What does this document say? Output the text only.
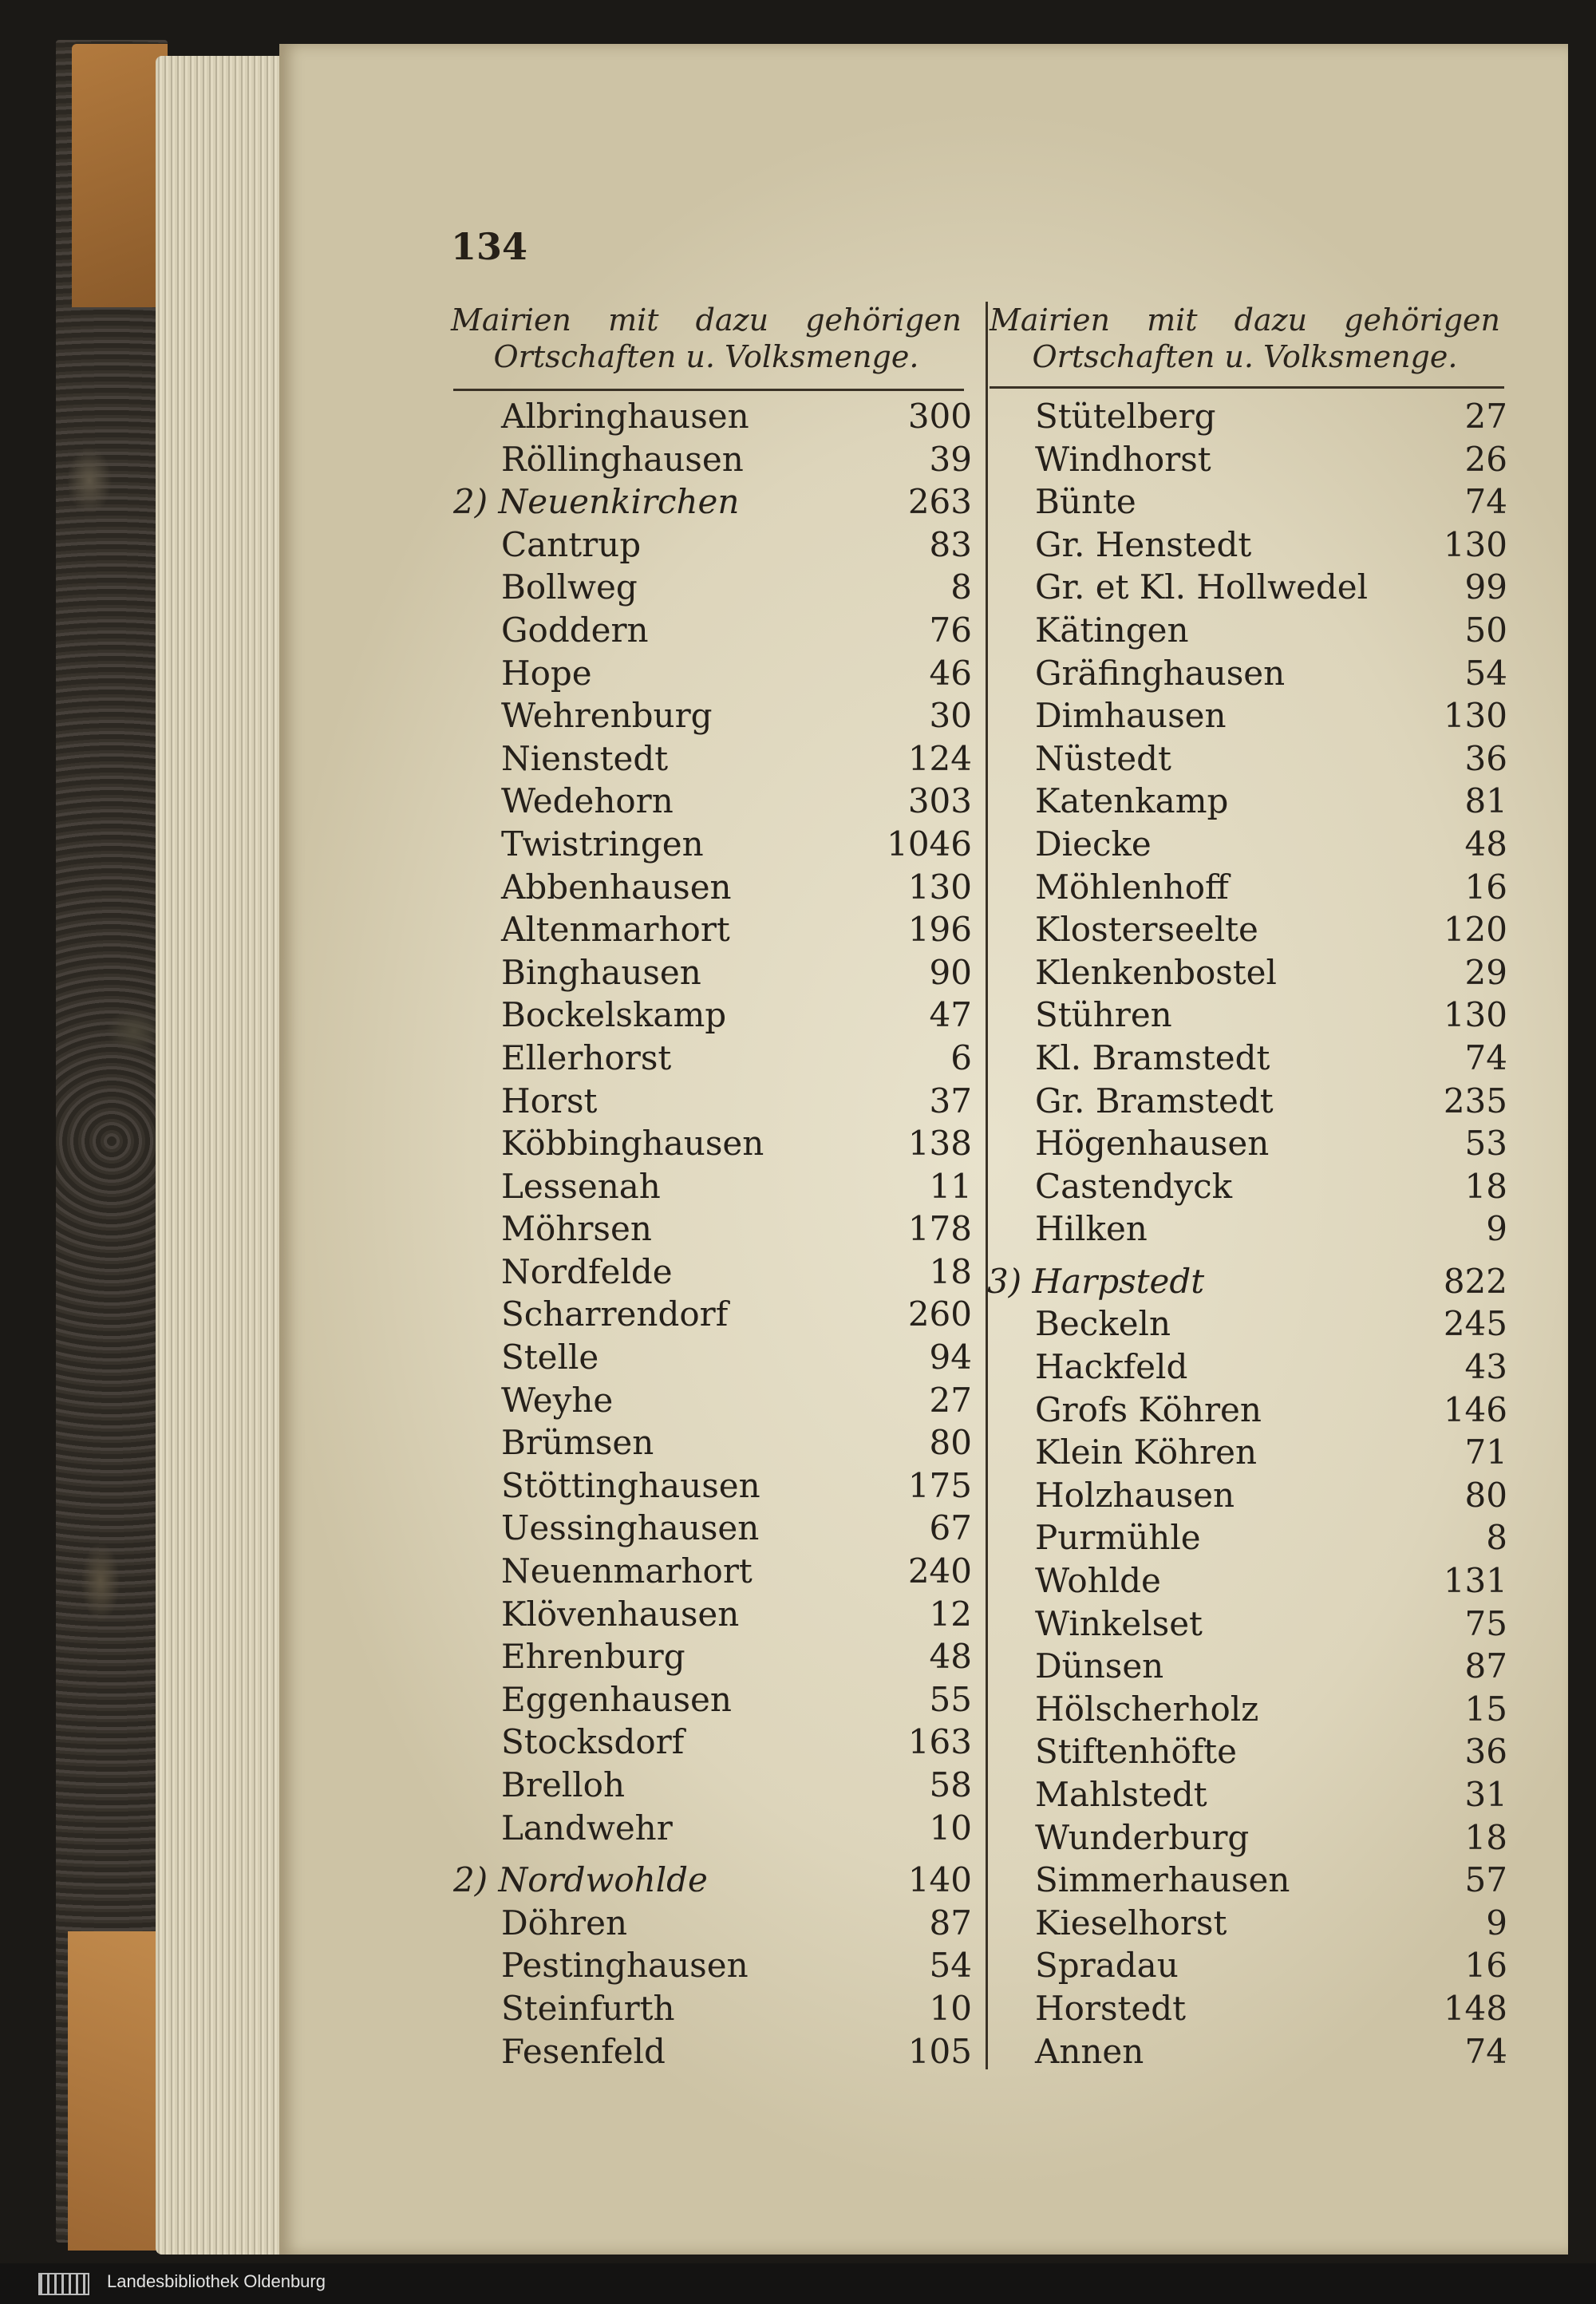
134
Mairien mit dazu gehörigen
Ortschaften u. Volksmenge.
Mairien mit dazu gehörigen
Ortschaften u. Volksmenge.
Albringhausen	300
Röllinghausen	39
2) Neuenkirchen	263
Cantrup	83
Bollweg	8
Goddern	76
Hope	46
Wehrenburg	30
Nienstedt	124
Wedehorn	303
Twistringen	1046
Abbenhausen	130
Altenmarhort	196
Binghausen	90
Bockelskamp	47
Ellerhorst	6
Horst	37
Köbbinghausen	138
Lessenah	11
Möhrsen	178
Nordfelde	18
Scharrendorf	260
Stelle	94
Weyhe	27
Brümsen	80
Stöttinghausen	175
Uessinghausen	67
Neuenmarhort	240
Klövenhausen	12
Ehrenburg	48
Eggenhausen	55
Stocksdorf	163
Brelloh	58
Landwehr	10
2) Nordwohlde	140
Döhren	87
Pestinghausen	54
Steinfurth	10
Fesenfeld	105
Stütelberg	27
Windhorst	26
Bünte	74
Gr. Henstedt	130
Gr. et Kl. Hollwedel	99
Kätingen	50
Gräfinghausen	54
Dimhausen	130
Nüstedt	36
Katenkamp	81
Diecke	48
Möhlenhoff	16
Klosterseelte	120
Klenkenbostel	29
Stühren	130
Kl. Bramstedt	74
Gr. Bramstedt	235
Högenhausen	53
Castendyck	18
Hilken	9
3) Harpstedt	822
Beckeln	245
Hackfeld	43
Grofs Köhren	146
Klein Köhren	71
Holzhausen	80
Purmühle	8
Wohlde	131
Winkelset	75
Dünsen	87
Hölscherholz	15
Stiftenhöfte	36
Mahlstedt	31
Wunderburg	18
Simmerhausen	57
Kieselhorst	9
Spradau	16
Horstedt	148
Annen	74
Landesbibliothek Oldenburg
